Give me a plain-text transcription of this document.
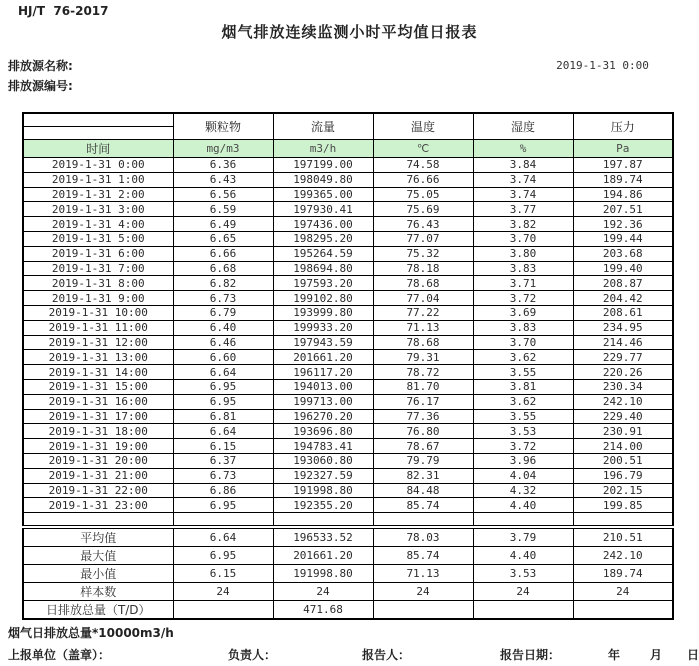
HJ/T  76-2017
烟气排放连续监测小时平均值日报表
排放源名称:
排放源编号:
2019-1-31 0:00
	颗粒物	流量	温度	湿度	压力

时间	mg/m3	m3/h	℃	%	Pa
2019-1-31 0:00	6.36	197199.00	74.58	3.84	197.87
2019-1-31 1:00	6.43	198049.80	76.66	3.74	189.74
2019-1-31 2:00	6.56	199365.00	75.05	3.74	194.86
2019-1-31 3:00	6.59	197930.41	75.69	3.77	207.51
2019-1-31 4:00	6.49	197436.00	76.43	3.82	192.36
2019-1-31 5:00	6.65	198295.20	77.07	3.70	199.44
2019-1-31 6:00	6.66	195264.59	75.32	3.80	203.68
2019-1-31 7:00	6.68	198694.80	78.18	3.83	199.40
2019-1-31 8:00	6.82	197593.20	78.68	3.71	208.87
2019-1-31 9:00	6.73	199102.80	77.04	3.72	204.42
2019-1-31 10:00	6.79	193999.80	77.22	3.69	208.61
2019-1-31 11:00	6.40	199933.20	71.13	3.83	234.95
2019-1-31 12:00	6.46	197943.59	78.68	3.70	214.46
2019-1-31 13:00	6.60	201661.20	79.31	3.62	229.77
2019-1-31 14:00	6.64	196117.20	78.72	3.55	220.26
2019-1-31 15:00	6.95	194013.00	81.70	3.81	230.34
2019-1-31 16:00	6.95	199713.00	76.17	3.62	242.10
2019-1-31 17:00	6.81	196270.20	77.36	3.55	229.40
2019-1-31 18:00	6.64	193696.80	76.80	3.53	230.91
2019-1-31 19:00	6.15	194783.41	78.67	3.72	214.00
2019-1-31 20:00	6.37	193060.80	79.79	3.96	200.51
2019-1-31 21:00	6.73	192327.59	82.31	4.04	196.79
2019-1-31 22:00	6.86	191998.80	84.48	4.32	202.15
2019-1-31 23:00	6.95	192355.20	85.74	4.40	199.85

平均值	6.64	196533.52	78.03	3.79	210.51
最大值	6.95	201661.20	85.74	4.40	242.10
最小值	6.15	191998.80	71.13	3.53	189.74
样本数	24	24	24	24	24
日排放总量（T/D）		471.68			
烟气日排放总量*10000m3/h
上报单位（盖章）：	负责人：	报告人：	报告日期：	年 月 日
